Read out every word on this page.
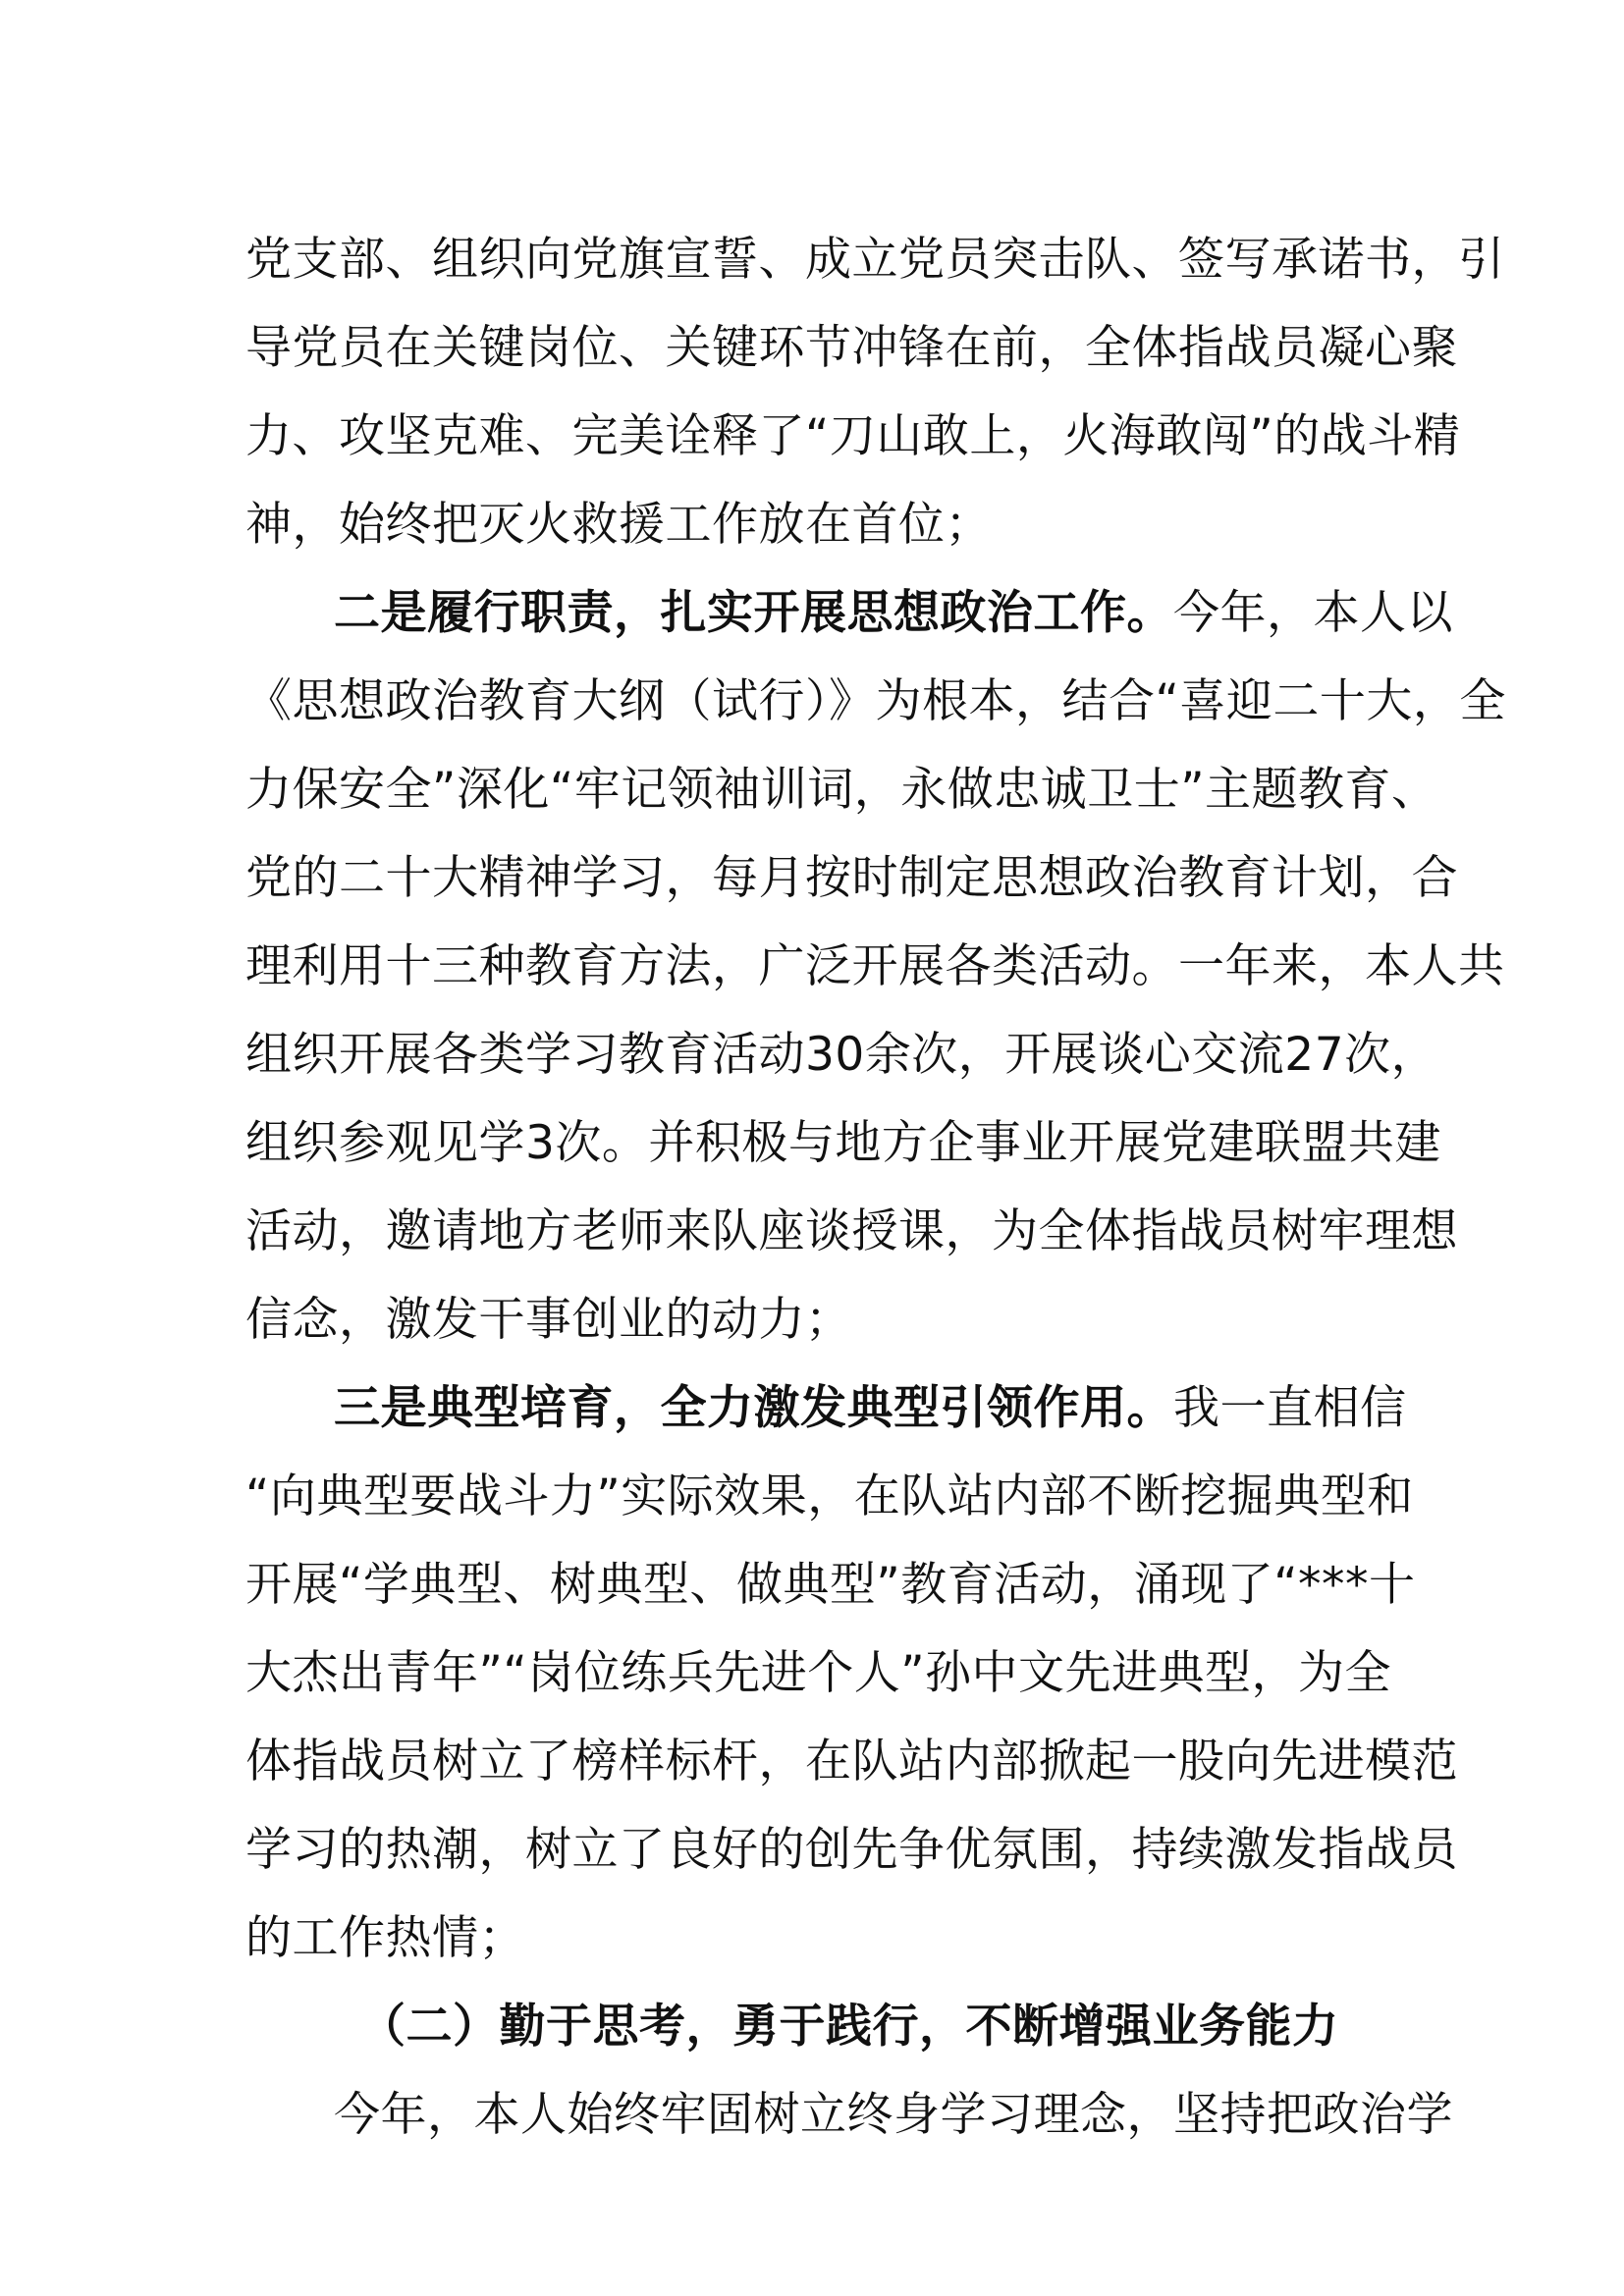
党支部、组织向党旗宣誓、成立党员突击队、签写承诺书，引
导党员在关键岗位、关键环节冲锋在前，全体指战员凝心聚
力、攻坚克难、完美诠释了“刀山敢上，火海敢闯”的战斗精
神，始终把灭火救援工作放在首位；
二是履行职责，扎实开展思想政治工作。今年，本人以
《思想政治教育大纲（试行）》为根本，结合“喜迎二十大，全
力保安全”深化“牢记领袖训词，永做忠诚卫士”主题教育、
党的二十大精神学习，每月按时制定思想政治教育计划，合
理利用十三种教育方法，广泛开展各类活动。一年来，本人共
组织开展各类学习教育活动30余次，开展谈心交流27次，
组织参观见学3次。并积极与地方企事业开展党建联盟共建
活动，邀请地方老师来队座谈授课，为全体指战员树牢理想
信念，激发干事创业的动力；
三是典型培育，全力激发典型引领作用。我一直相信
“向典型要战斗力”实际效果，在队站内部不断挖掘典型和
开展“学典型、树典型、做典型”教育活动，涌现了“***十
大杰出青年”“岗位练兵先进个人”孙中文先进典型，为全
体指战员树立了榜样标杆，在队站内部掀起一股向先进模范
学习的热潮，树立了良好的创先争优氛围，持续激发指战员
的工作热情；
（二）勤于思考，勇于践行，不断增强业务能力
今年，本人始终牢固树立终身学习理念，坚持把政治学
